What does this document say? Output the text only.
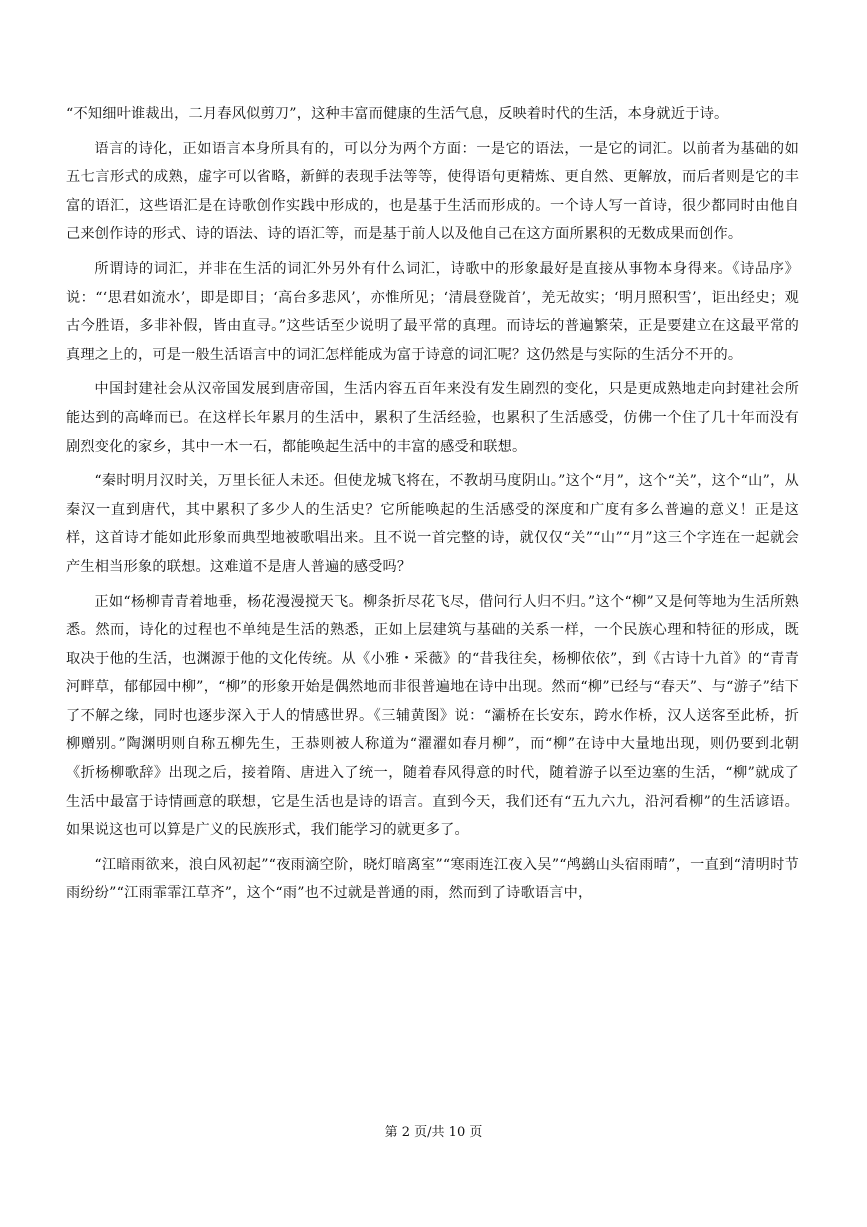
“不知细叶谁裁出，二月春风似剪刀”，这种丰富而健康的生活气息，反映着时代的生活，本身就近于诗。

语言的诗化，正如语言本身所具有的，可以分为两个方面：一是它的语法，一是它的词汇。以前者为基础的如五七言形式的成熟，虚字可以省略，新鲜的表现手法等等，使得语句更精炼、更自然、更解放，而后者则是它的丰富的语汇，这些语汇是在诗歌创作实践中形成的，也是基于生活而形成的。一个诗人写一首诗，很少都同时由他自己来创作诗的形式、诗的语法、诗的语汇等，而是基于前人以及他自己在这方面所累积的无数成果而创作。

所谓诗的词汇，并非在生活的词汇外另外有什么词汇，诗歌中的形象最好是直接从事物本身得来。《诗品序》说：“‘思君如流水’，即是即目；‘高台多悲风’，亦惟所见；‘清晨登陇首’，羌无故实；‘明月照积雪’，讵出经史；观古今胜语，多非补假，皆由直寻。”这些话至少说明了最平常的真理。而诗坛的普遍繁荣，正是要建立在这最平常的真理之上的，可是一般生活语言中的词汇怎样能成为富于诗意的词汇呢？这仍然是与实际的生活分不开的。

中国封建社会从汉帝国发展到唐帝国，生活内容五百年来没有发生剧烈的变化，只是更成熟地走向封建社会所能达到的高峰而已。在这样长年累月的生活中，累积了生活经验，也累积了生活感受，仿佛一个住了几十年而没有剧烈变化的家乡，其中一木一石，都能唤起生活中的丰富的感受和联想。

“秦时明月汉时关，万里长征人未还。但使龙城飞将在，不教胡马度阴山。”这个“月”，这个“关”，这个“山”，从秦汉一直到唐代，其中累积了多少人的生活史？它所能唤起的生活感受的深度和广度有多么普遍的意义！正是这样，这首诗才能如此形象而典型地被歌唱出来。且不说一首完整的诗，就仅仅“关”“山”“月”这三个字连在一起就会产生相当形象的联想。这难道不是唐人普遍的感受吗？

正如“杨柳青青着地垂，杨花漫漫搅天飞。柳条折尽花飞尽，借问行人归不归。”这个“柳”又是何等地为生活所熟悉。然而，诗化的过程也不单纯是生活的熟悉，正如上层建筑与基础的关系一样，一个民族心理和特征的形成，既取决于他的生活，也渊源于他的文化传统。从《小雅・采薇》的“昔我往矣，杨柳依依”，到《古诗十九首》的“青青河畔草，郁郁园中柳”，“柳”的形象开始是偶然地而非很普遍地在诗中出现。然而“柳”已经与“春天”、与“游子”结下了不解之缘，同时也逐步深入于人的情感世界。《三辅黄图》说：“灞桥在长安东，跨水作桥，汉人送客至此桥，折柳赠别。”陶渊明则自称五柳先生，王恭则被人称道为“濯濯如春月柳”，而“柳”在诗中大量地出现，则仍要到北朝《折杨柳歌辞》出现之后，接着隋、唐进入了统一，随着春风得意的时代，随着游子以至边塞的生活，“柳”就成了生活中最富于诗情画意的联想，它是生活也是诗的语言。直到今天，我们还有“五九六九，沿河看柳”的生活谚语。如果说这也可以算是广义的民族形式，我们能学习的就更多了。

“江暗雨欲来，浪白风初起”“夜雨滴空阶，晓灯暗离室”“寒雨连江夜入吴”“鸬鹚山头宿雨晴”，一直到“清明时节雨纷纷”“江雨霏霏江草齐”，这个“雨”也不过就是普通的雨，然而到了诗歌语言中，

第 2 页/共 10 页
